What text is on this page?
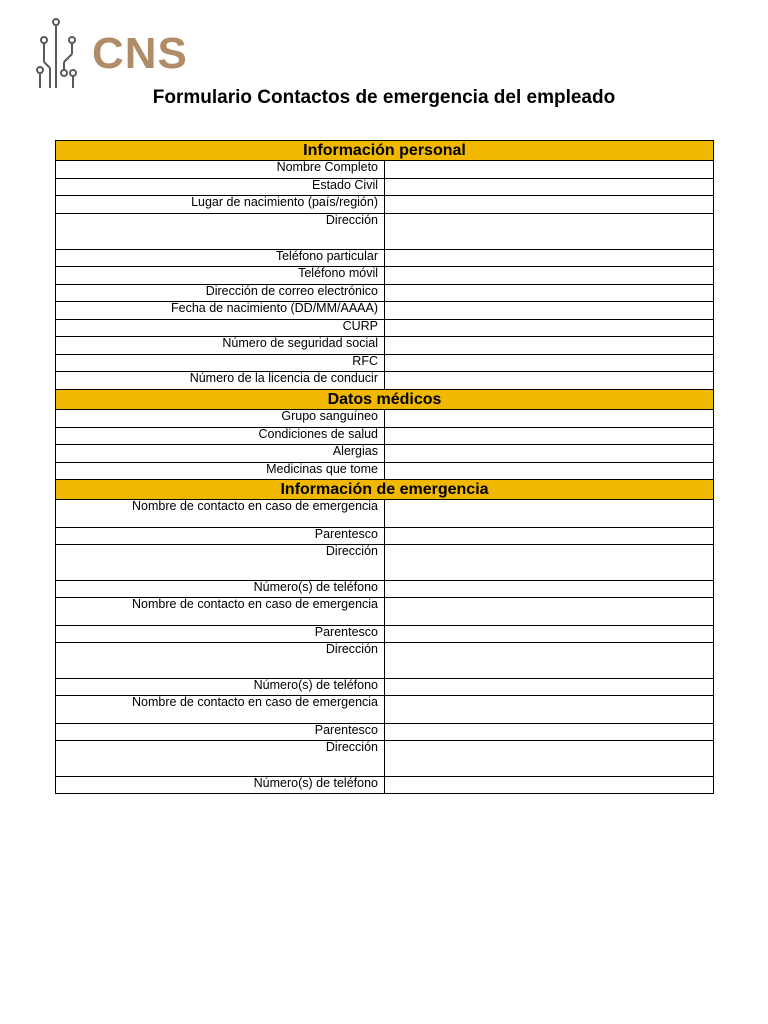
CNS
Formulario Contactos de emergencia del empleado
Información personal	
Nombre Completo	
Estado Civil	
Lugar de nacimiento (país/región)	
Dirección	
Teléfono particular	
Teléfono móvil	
Dirección de correo electrónico	
Fecha de nacimiento (DD/MM/AAAA)	
CURP	
Número de seguridad social	
RFC	
Número de la licencia de conducir	
Datos médicos	
Grupo sanguíneo	
Condiciones de salud	
Alergias	
Medicinas que tome	
Información de emergencia	
Nombre de contacto en caso de emergencia	
Parentesco	
Dirección	
Número(s) de teléfono	
Nombre de contacto en caso de emergencia	
Parentesco	
Dirección	
Número(s) de teléfono	
Nombre de contacto en caso de emergencia	
Parentesco	
Dirección	
Número(s) de teléfono	
